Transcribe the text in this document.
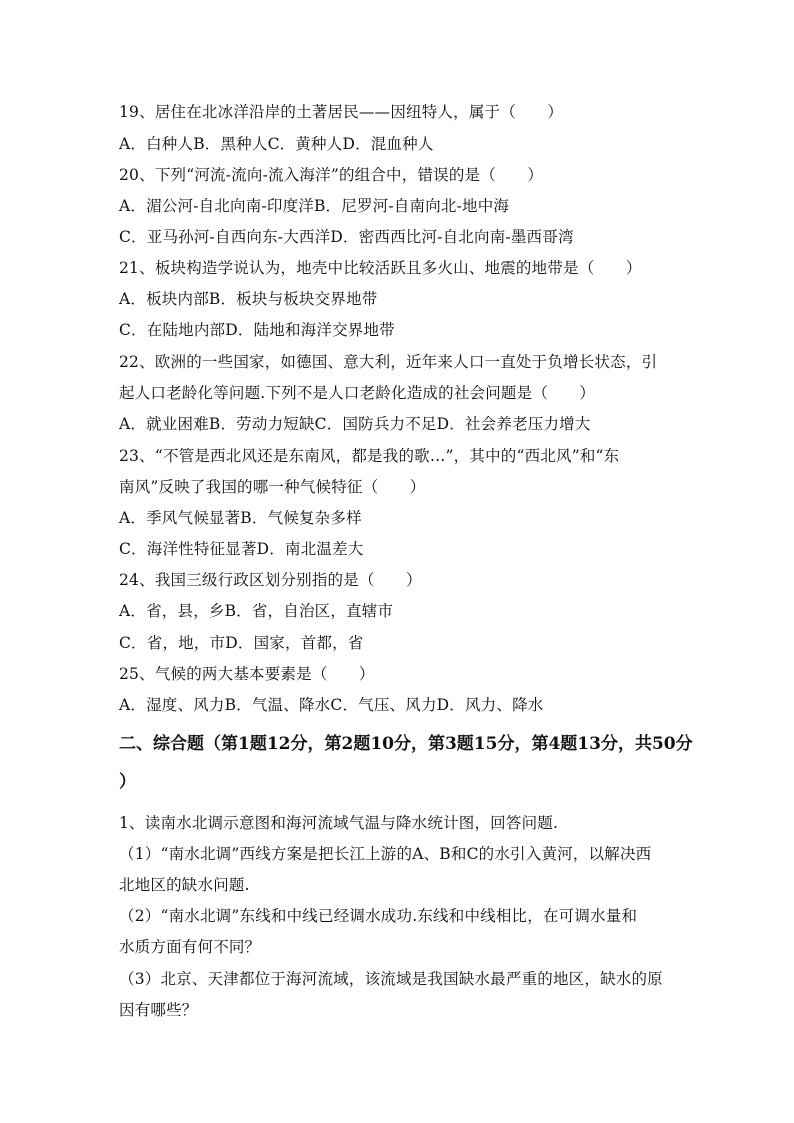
19、居住在北冰洋沿岸的土著居民——因纽特人，属于（　　）
A．白种人B．黑种人C．黄种人D．混血种人
20、下列“河流-流向-流入海洋”的组合中，错误的是（　　）
A．湄公河-自北向南-印度洋B．尼罗河-自南向北-地中海
C．亚马孙河-自西向东-大西洋D．密西西比河-自北向南-墨西哥湾
21、板块构造学说认为，地壳中比较活跃且多火山、地震的地带是（　　）
A．板块内部B．板块与板块交界地带
C．在陆地内部D．陆地和海洋交界地带
22、欧洲的一些国家，如德国、意大利，近年来人口一直处于负增长状态，引
起人口老龄化等问题.下列不是人口老龄化造成的社会问题是（　　）
A．就业困难B．劳动力短缺C．国防兵力不足D．社会养老压力增大
23、“不管是西北风还是东南风，都是我的歌…”，其中的“西北风”和“东
南风”反映了我国的哪一种气候特征（　　）
A．季风气候显著B．气候复杂多样
C．海洋性特征显著D．南北温差大
24、我国三级行政区划分别指的是（　　）
A．省，县，乡B．省，自治区，直辖市
C．省，地，市D．国家，首都，省
25、气候的两大基本要素是（　　）
A．湿度、风力B．气温、降水C．气压、风力D．风力、降水
二、综合题（第1题12分，第2题10分，第3题15分，第4题13分，共50分
）
1、读南水北调示意图和海河流域气温与降水统计图，回答问题.
（1）“南水北调”西线方案是把长江上游的A、B和C的水引入黄河，以解决西
北地区的缺水问题.
（2）“南水北调”东线和中线已经调水成功.东线和中线相比，在可调水量和
水质方面有何不同？
（3）北京、天津都位于海河流域，该流域是我国缺水最严重的地区，缺水的原
因有哪些？
